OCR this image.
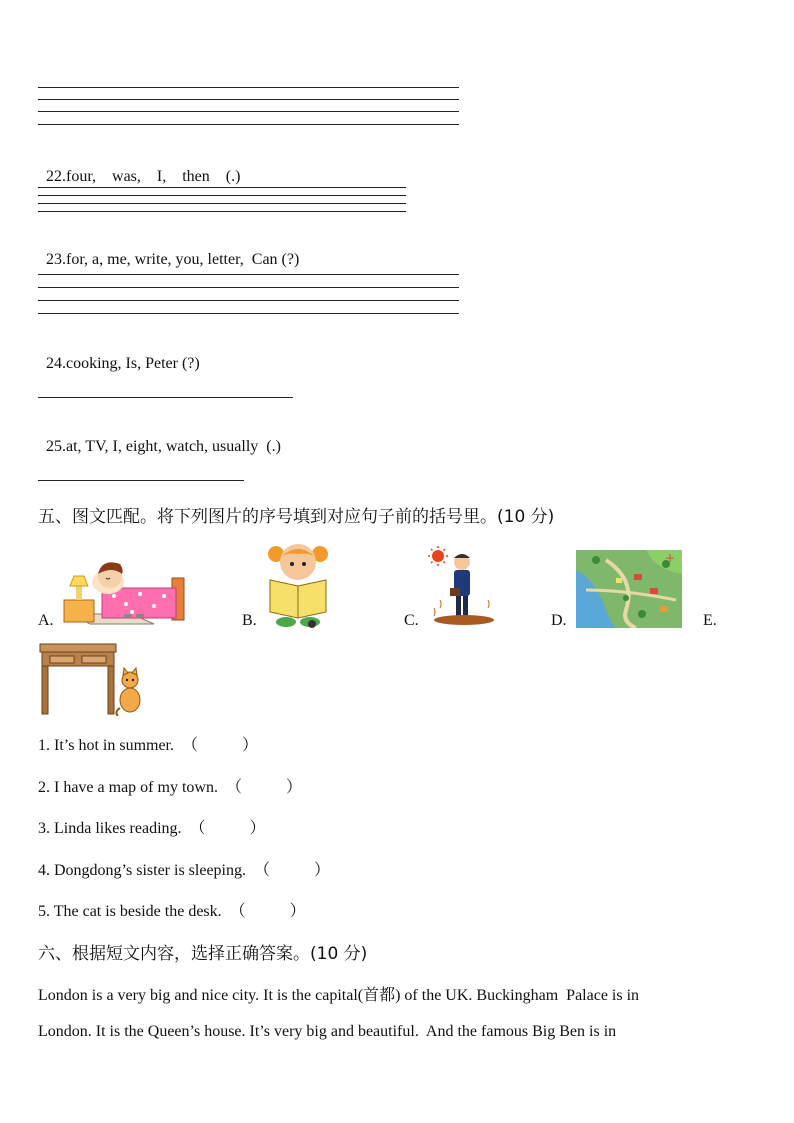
22.four,    was,    I,    then    (.)

23.for, a, me, write, you, letter,  Can (?)

24.cooking, Is, Peter (?)

25.at, TV, I, eight, watch, usually  (.)

五、图文匹配。将下列图片的序号填到对应句子前的括号里。(10 分)
A.	B.	C.	D.	E.
1. It’s hot in summer.  （           ）
2. I have a map of my town.  （           ）
3. Linda likes reading.  （           ）
4. Dongdong’s sister is sleeping.  （           ）
5. The cat is beside the desk.  （           ）
六、根据短文内容，选择正确答案。(10 分)
London is a very big and nice city. It is the capital(首都) of the UK. Buckingham  Palace is in
London. It is the Queen’s house. It’s very big and beautiful.  And the famous Big Ben is in
